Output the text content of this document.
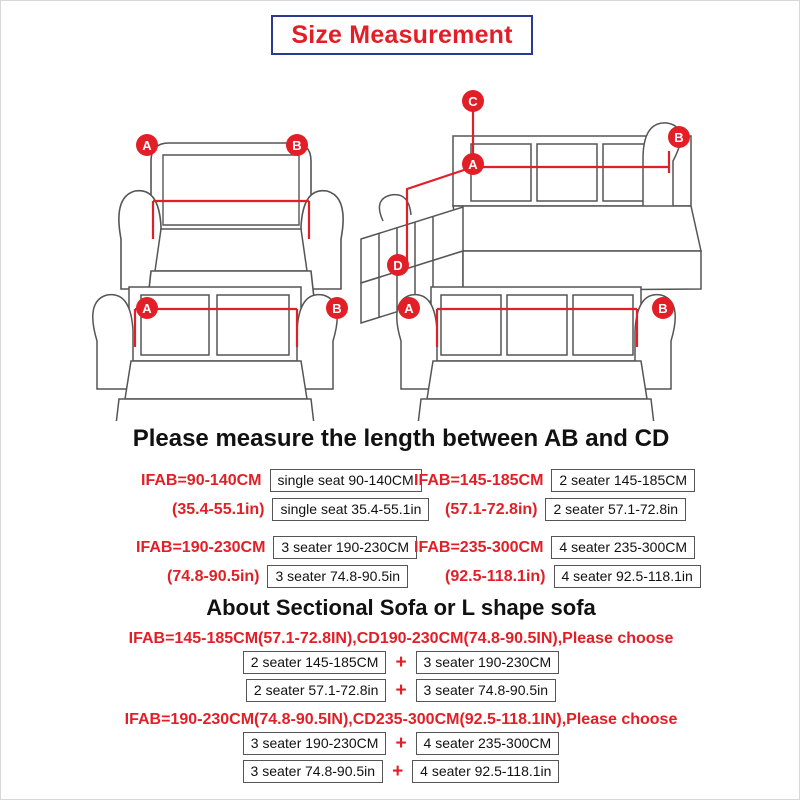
Size Measurement
A	B
C
A
B
D
A	B	A	B
Please measure the length between AB and CD
IFAB=90-140CM	single seat 90-140CM
(35.4-55.1in)	single seat 35.4-55.1in
IFAB=145-185CM	2 seater 145-185CM
(57.1-72.8in)	2 seater 57.1-72.8in
IFAB=190-230CM	3 seater 190-230CM
(74.8-90.5in)	3 seater 74.8-90.5in
IFAB=235-300CM	4 seater 235-300CM
(92.5-118.1in)	4 seater 92.5-118.1in
About Sectional Sofa or L shape sofa
IFAB=145-185CM(57.1-72.8IN),CD190-230CM(74.8-90.5IN),Please choose
2 seater 145-185CM +	3 seater 190-230CM
2 seater 57.1-72.8in +	3 seater 74.8-90.5in
IFAB=190-230CM(74.8-90.5IN),CD235-300CM(92.5-118.1IN),Please choose
3 seater 190-230CM +	4 seater 235-300CM
3 seater 74.8-90.5in +	4 seater 92.5-118.1in
